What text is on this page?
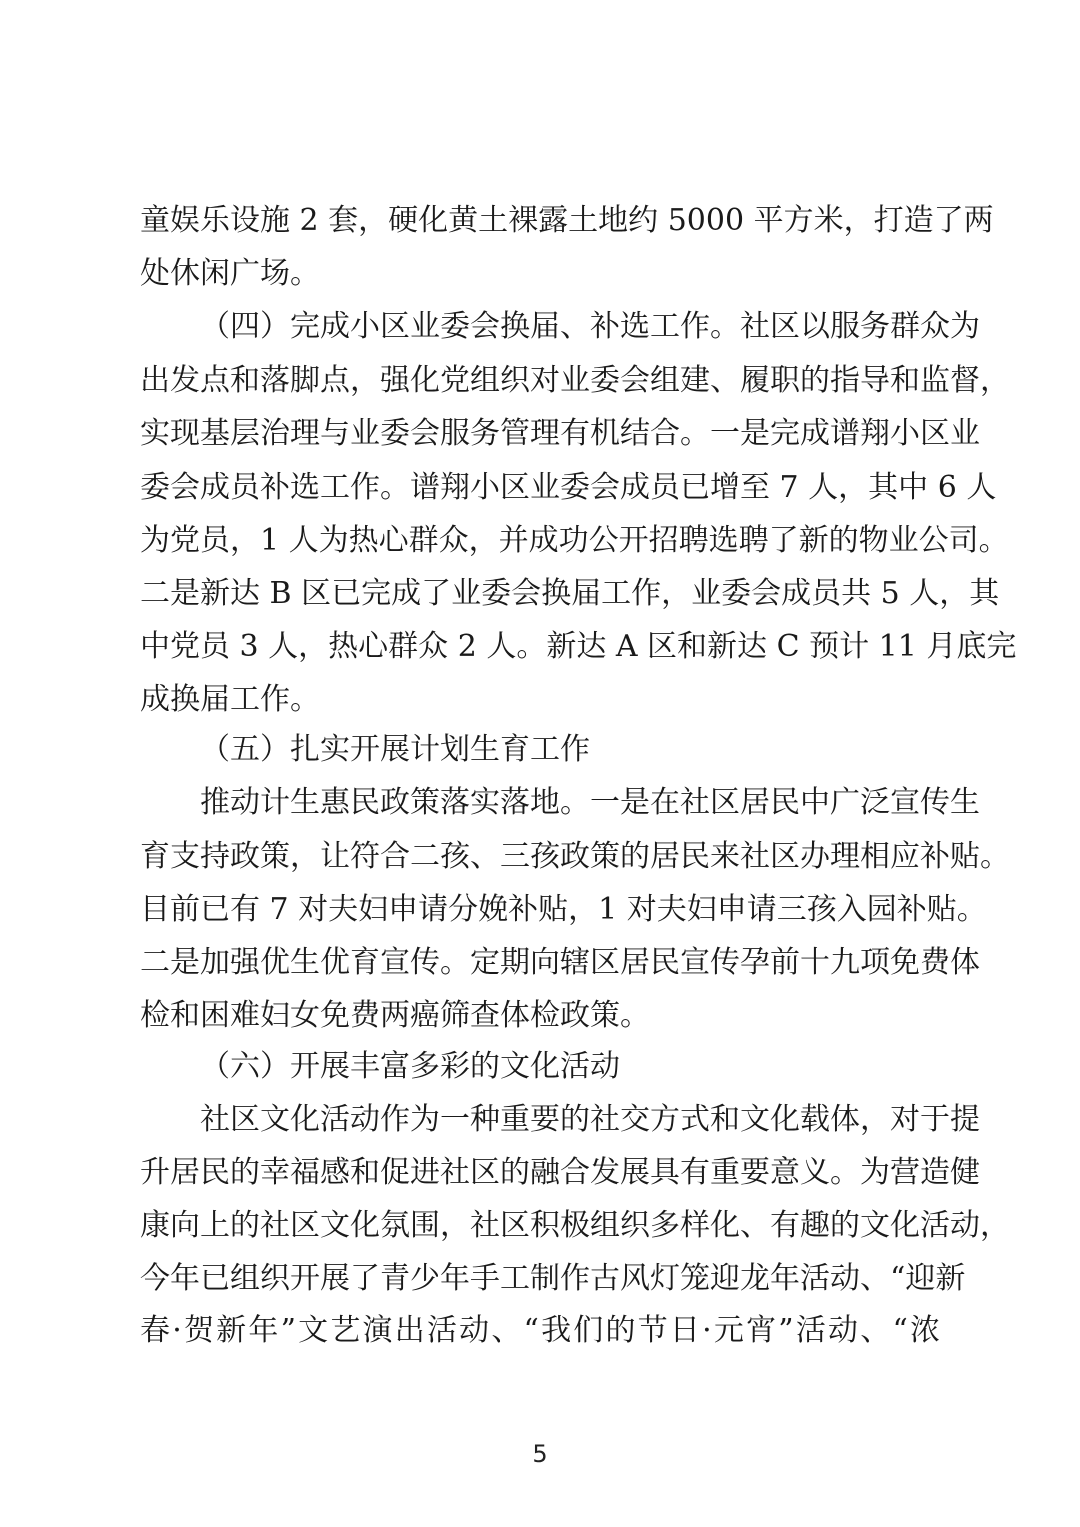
童娱乐设施 2 套，硬化黄土裸露土地约 5000 平方米，打造了两
处休闲广场。
（四）完成小区业委会换届、补选工作。社区以服务群众为
出发点和落脚点，强化党组织对业委会组建、履职的指导和监督，
实现基层治理与业委会服务管理有机结合。一是完成谱翔小区业
委会成员补选工作。谱翔小区业委会成员已增至 7 人，其中 6 人
为党员，1 人为热心群众，并成功公开招聘选聘了新的物业公司。
二是新达 B 区已完成了业委会换届工作，业委会成员共 5 人，其
中党员 3 人，热心群众 2 人。新达 A 区和新达 C 预计 11 月底完
成换届工作。
（五）扎实开展计划生育工作
推动计生惠民政策落实落地。一是在社区居民中广泛宣传生
育支持政策，让符合二孩、三孩政策的居民来社区办理相应补贴。
目前已有 7 对夫妇申请分娩补贴，1 对夫妇申请三孩入园补贴。
二是加强优生优育宣传。定期向辖区居民宣传孕前十九项免费体
检和困难妇女免费两癌筛查体检政策。
（六）开展丰富多彩的文化活动
社区文化活动作为一种重要的社交方式和文化载体，对于提
升居民的幸福感和促进社区的融合发展具有重要意义。为营造健
康向上的社区文化氛围，社区积极组织多样化、有趣的文化活动，
今年已组织开展了青少年手工制作古风灯笼迎龙年活动、“迎新
春·贺新年”文艺演出活动、“我们的节日·元宵”活动、“浓
5
